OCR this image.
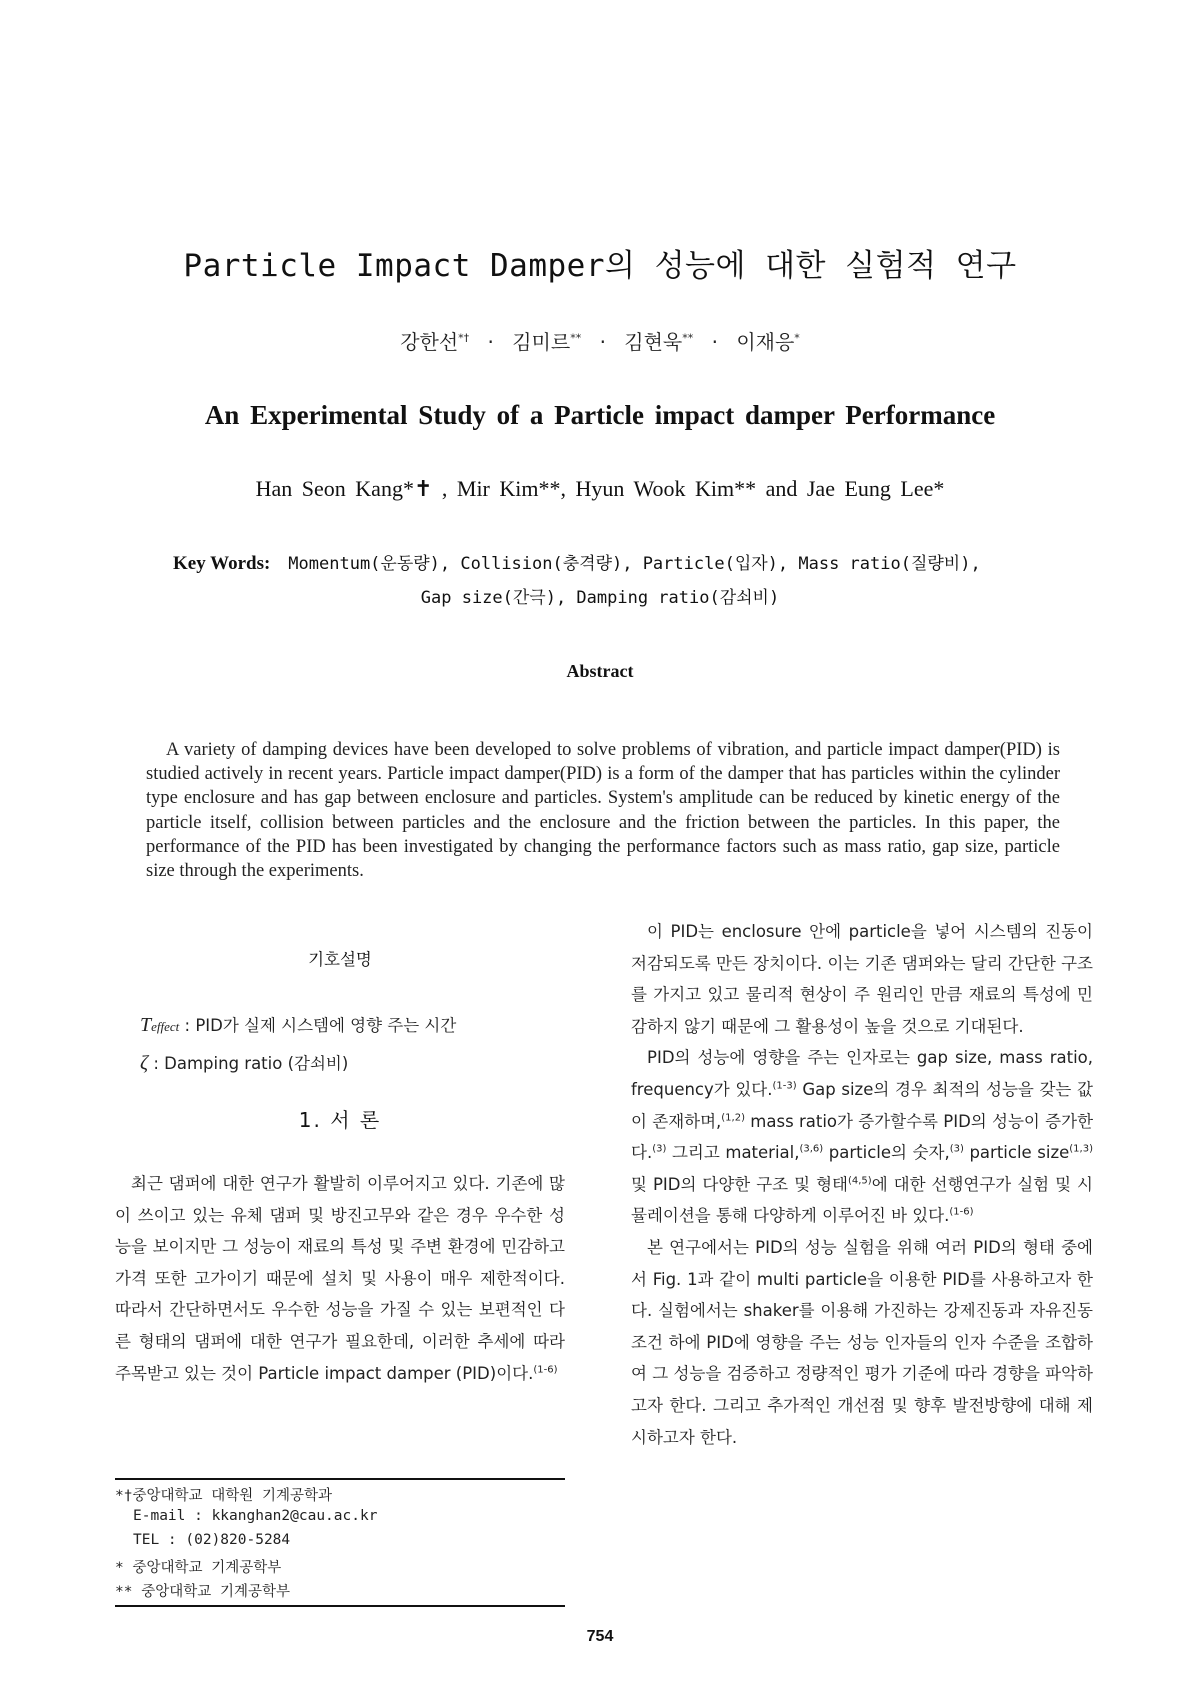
Particle Impact Damper의 성능에 대한 실험적 연구
강한선*† · 김미르** · 김현욱** · 이재응*
An Experimental Study of a Particle impact damper Performance
Han Seon Kang*✝ , Mir Kim**, Hyun Wook Kim** and Jae Eung Lee*
Key Words: Momentum(운동량), Collision(충격량), Particle(입자), Mass ratio(질량비),
Gap size(간극), Damping ratio(감쇠비)
Abstract

A variety of damping devices have been developed to solve problems of vibration, and particle impact damper(PID) is studied actively in recent years. Particle impact damper(PID) is a form of the damper that has particles within the cylinder type enclosure and has gap between enclosure and particles. System's amplitude can be reduced by kinetic energy of the particle itself, collision between particles and the enclosure and the friction between the particles. In this paper, the performance of the PID has been investigated by changing the performance factors such as mass ratio, gap size, particle size through the experiments.

기호설명
Teffect : PID가 실제 시스템에 영향 주는 시간
ζ : Damping ratio (감쇠비)
1. 서 론

최근 댐퍼에 대한 연구가 활발히 이루어지고 있다. 기존에 많이 쓰이고 있는 유체 댐퍼 및 방진고무와 같은 경우 우수한 성능을 보이지만 그 성능이 재료의 특성 및 주변 환경에 민감하고 가격 또한 고가이기 때문에 설치 및 사용이 매우 제한적이다. 따라서 간단하면서도 우수한 성능을 가질 수 있는 보편적인 다른 형태의 댐퍼에 대한 연구가 필요한데, 이러한 추세에 따라 주목받고 있는 것이 Particle impact damper (PID)이다.$^{(1-6)}$

*†중앙대학교 대학원 기계공학과
E-mail : kkanghan2@cau.ac.kr
TEL : (02)820-5284
* 중앙대학교 기계공학부
** 중앙대학교 기계공학부

이 PID는 enclosure 안에 particle을 넣어 시스템의 진동이 저감되도록 만든 장치이다. 이는 기존 댐퍼와는 달리 간단한 구조를 가지고 있고 물리적 현상이 주 원리인 만큼 재료의 특성에 민감하지 않기 때문에 그 활용성이 높을 것으로 기대된다.

PID의 성능에 영향을 주는 인자로는 gap size, mass ratio, frequency가 있다.$^{(1-3)}$ Gap size의 경우 최적의 성능을 갖는 값이 존재하며,$^{(1,2)}$ mass ratio가 증가할수록 PID의 성능이 증가한다.$^{(3)}$ 그리고 material,$^{(3,6)}$ particle의 숫자,$^{(3)}$ particle size$^{(1,3)}$ 및 PID의 다양한 구조 및 형태$^{(4,5)}$에 대한 선행연구가 실험 및 시뮬레이션을 통해 다양하게 이루어진 바 있다.$^{(1-6)}$

본 연구에서는 PID의 성능 실험을 위해 여러 PID의 형태 중에서 Fig. 1과 같이 multi particle을 이용한 PID를 사용하고자 한다. 실험에서는 shaker를 이용해 가진하는 강제진동과 자유진동 조건 하에 PID에 영향을 주는 성능 인자들의 인자 수준을 조합하여 그 성능을 검증하고 정량적인 평가 기준에 따라 경향을 파악하고자 한다. 그리고 추가적인 개선점 및 향후 발전방향에 대해 제시하고자 한다.

754
